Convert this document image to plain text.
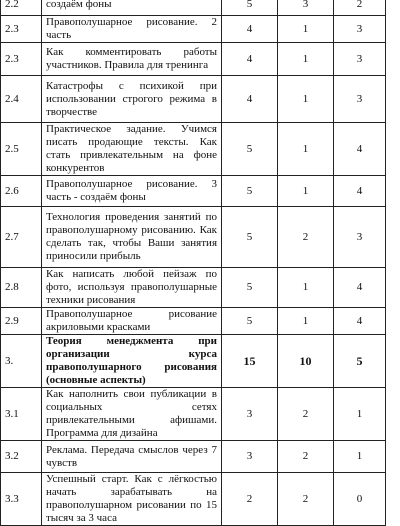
2.2	создаём фоны	5	3	2
2.3	Правополушарное рисование. 2 часть	4	1	3
2.3	Как комментировать работы участников. Правила для тренинга	4	1	3
2.4	Катастрофы с психикой при использовании строгого режима в творчестве	4	1	3
2.5	Практическое задание. Учимся писать продающие тексты. Как стать привлекательным на фоне конкурентов	5	1	4
2.6	Правополушарное рисование. 3 часть - создаём фоны	5	1	4
2.7	Технология проведения занятий по правополушарному рисованию. Как сделать так, чтобы Ваши занятия приносили прибыль	5	2	3
2.8	Как написать любой пейзаж по фото, используя правополушарные техники рисования	5	1	4
2.9	Правополушарное рисование акриловыми красками	5	1	4
3.	Теория менеджмента при организации курса правополушарного рисования (основные аспекты)	15	10	5
3.1	Как наполнить свои публикации в социальных сетях привлекательными афишами. Программа для дизайна	3	2	1
3.2	Реклама. Передача смыслов через 7 чувств	3	2	1
3.3	Успешный старт. Как с лёгкостью начать зарабатывать на правополушарном рисовании по 15 тысяч за 3 часа	2	2	0
